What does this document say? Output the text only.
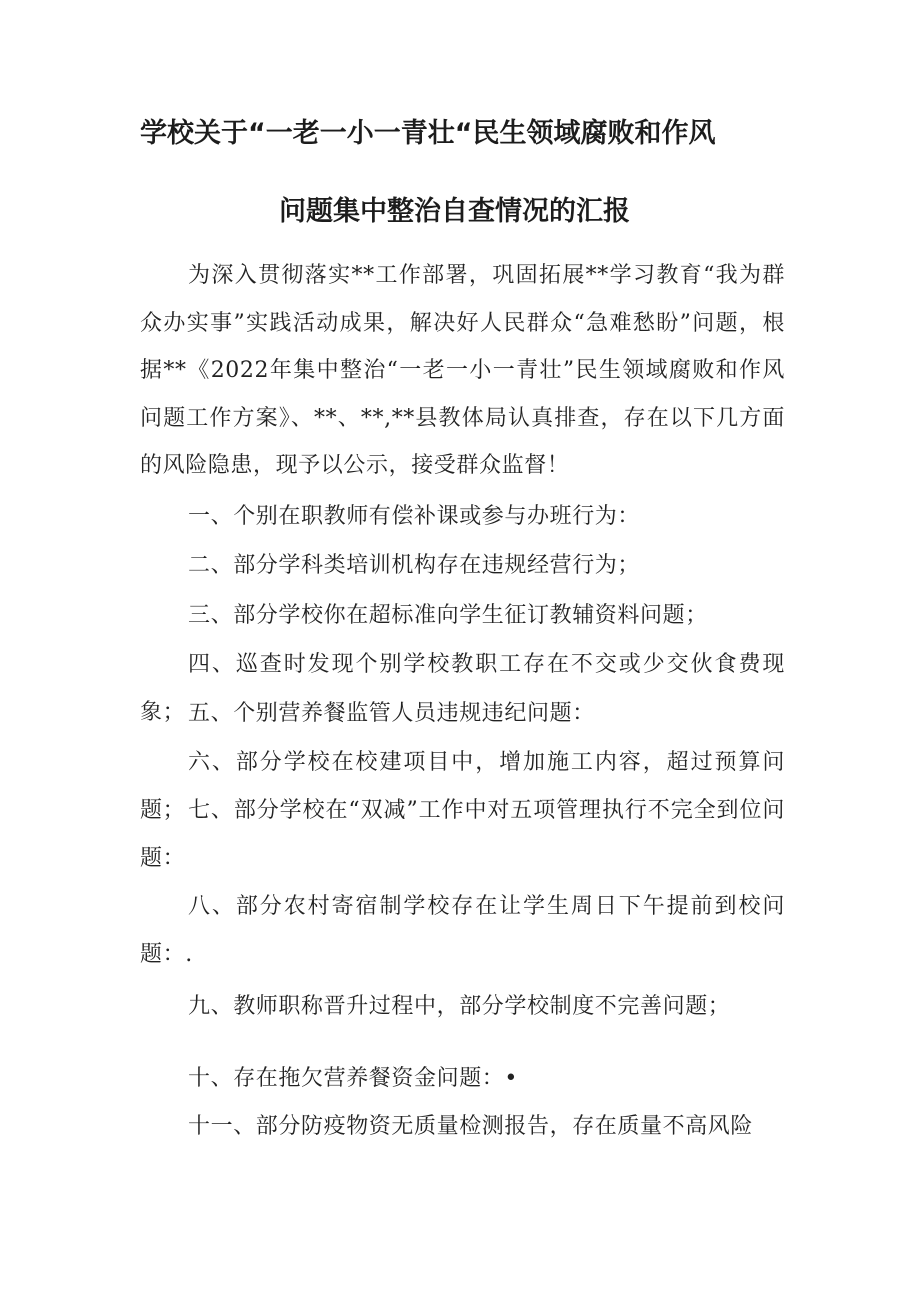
学校关于“一老一小一青壮“民生领域腐败和作风
问题集中整治自查情况的汇报

为深入贯彻落实**工作部署，巩固拓展**学习教育“我为群众办实事”实践活动成果，解决好人民群众“急难愁盼”问题，根据**《2022年集中整治“一老一小一青壮”民生领域腐败和作风问题工作方案》、**、**,**县教体局认真排查，存在以下几方面的风险隐患，现予以公示，接受群众监督！

一、个别在职教师有偿补课或参与办班行为：

二、部分学科类培训机构存在违规经营行为；

三、部分学校你在超标准向学生征订教辅资料问题；

四、巡查时发现个别学校教职工存在不交或少交伙食费现象； 五、个别营养餐监管人员违规违纪问题：

六、部分学校在校建项目中，增加施工内容，超过预算问题； 七、部分学校在“双减”工作中对五项管理执行不完全到位问题：

八、部分农村寄宿制学校存在让学生周日下午提前到校问题：.

九、教师职称晋升过程中，部分学校制度不完善问题；

十、存在拖欠营养餐资金问题：•

十一、部分防疫物资无质量检测报告，存在质量不高风险
